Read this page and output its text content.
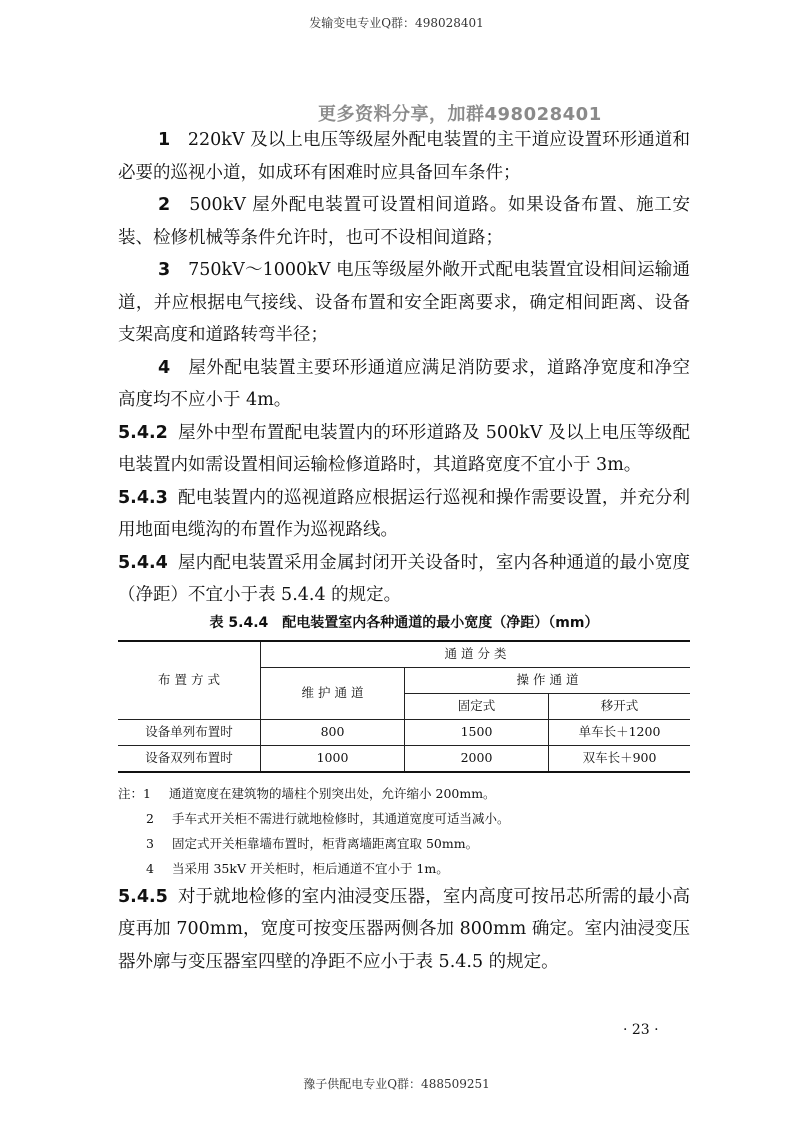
发输变电专业Q群：498028401
更多资料分享，加群498028401

1　 220kV 及以上电压等级屋外配电装置的主干道应设置环形通道和必要的巡视小道，如成环有困难时应具备回车条件；

2　 500kV 屋外配电装置可设置相间道路。如果设备布置、施工安装、检修机械等条件允许时，也可不设相间道路；

3　 750kV～1000kV 电压等级屋外敞开式配电装置宜设相间运输通道，并应根据电气接线、设备布置和安全距离要求，确定相间距离、设备支架高度和道路转弯半径；

4　 屋外配电装置主要环形通道应满足消防要求，道路净宽度和净空高度均不应小于 4m。

5.4.2 屋外中型布置配电装置内的环形道路及 500kV 及以上电压等级配电装置内如需设置相间运输检修道路时，其道路宽度不宜小于 3m。

5.4.3 配电装置内的巡视道路应根据运行巡视和操作需要设置，并充分利用地面电缆沟的布置作为巡视路线。

5.4.4 屋内配电装置采用金属封闭开关设备时，室内各种通道的最小宽度（净距）不宜小于表 5.4.4 的规定。

表 5.4.4　配电装置室内各种通道的最小宽度（净距）（mm）

布 置 方 式	通 道 分 类		
	维 护 通 道	操 作 通 道	
		固定式	移开式
设备单列布置时	800	1500	单车长＋1200
设备双列布置时	1000	2000	双车长＋900
注：1 通道宽度在建筑物的墙柱个别突出处，允许缩小 200mm。
2 手车式开关柜不需进行就地检修时，其通道宽度可适当减小。
3 固定式开关柜靠墙布置时，柜背离墙距离宜取 50mm。
4 当采用 35kV 开关柜时，柜后通道不宜小于 1m。

5.4.5 对于就地检修的室内油浸变压器，室内高度可按吊芯所需的最小高度再加 700mm，宽度可按变压器两侧各加 800mm 确定。室内油浸变压器外廓与变压器室四壁的净距不应小于表 5.4.5 的规定。

· 23 ·
豫子供配电专业Q群：488509251
